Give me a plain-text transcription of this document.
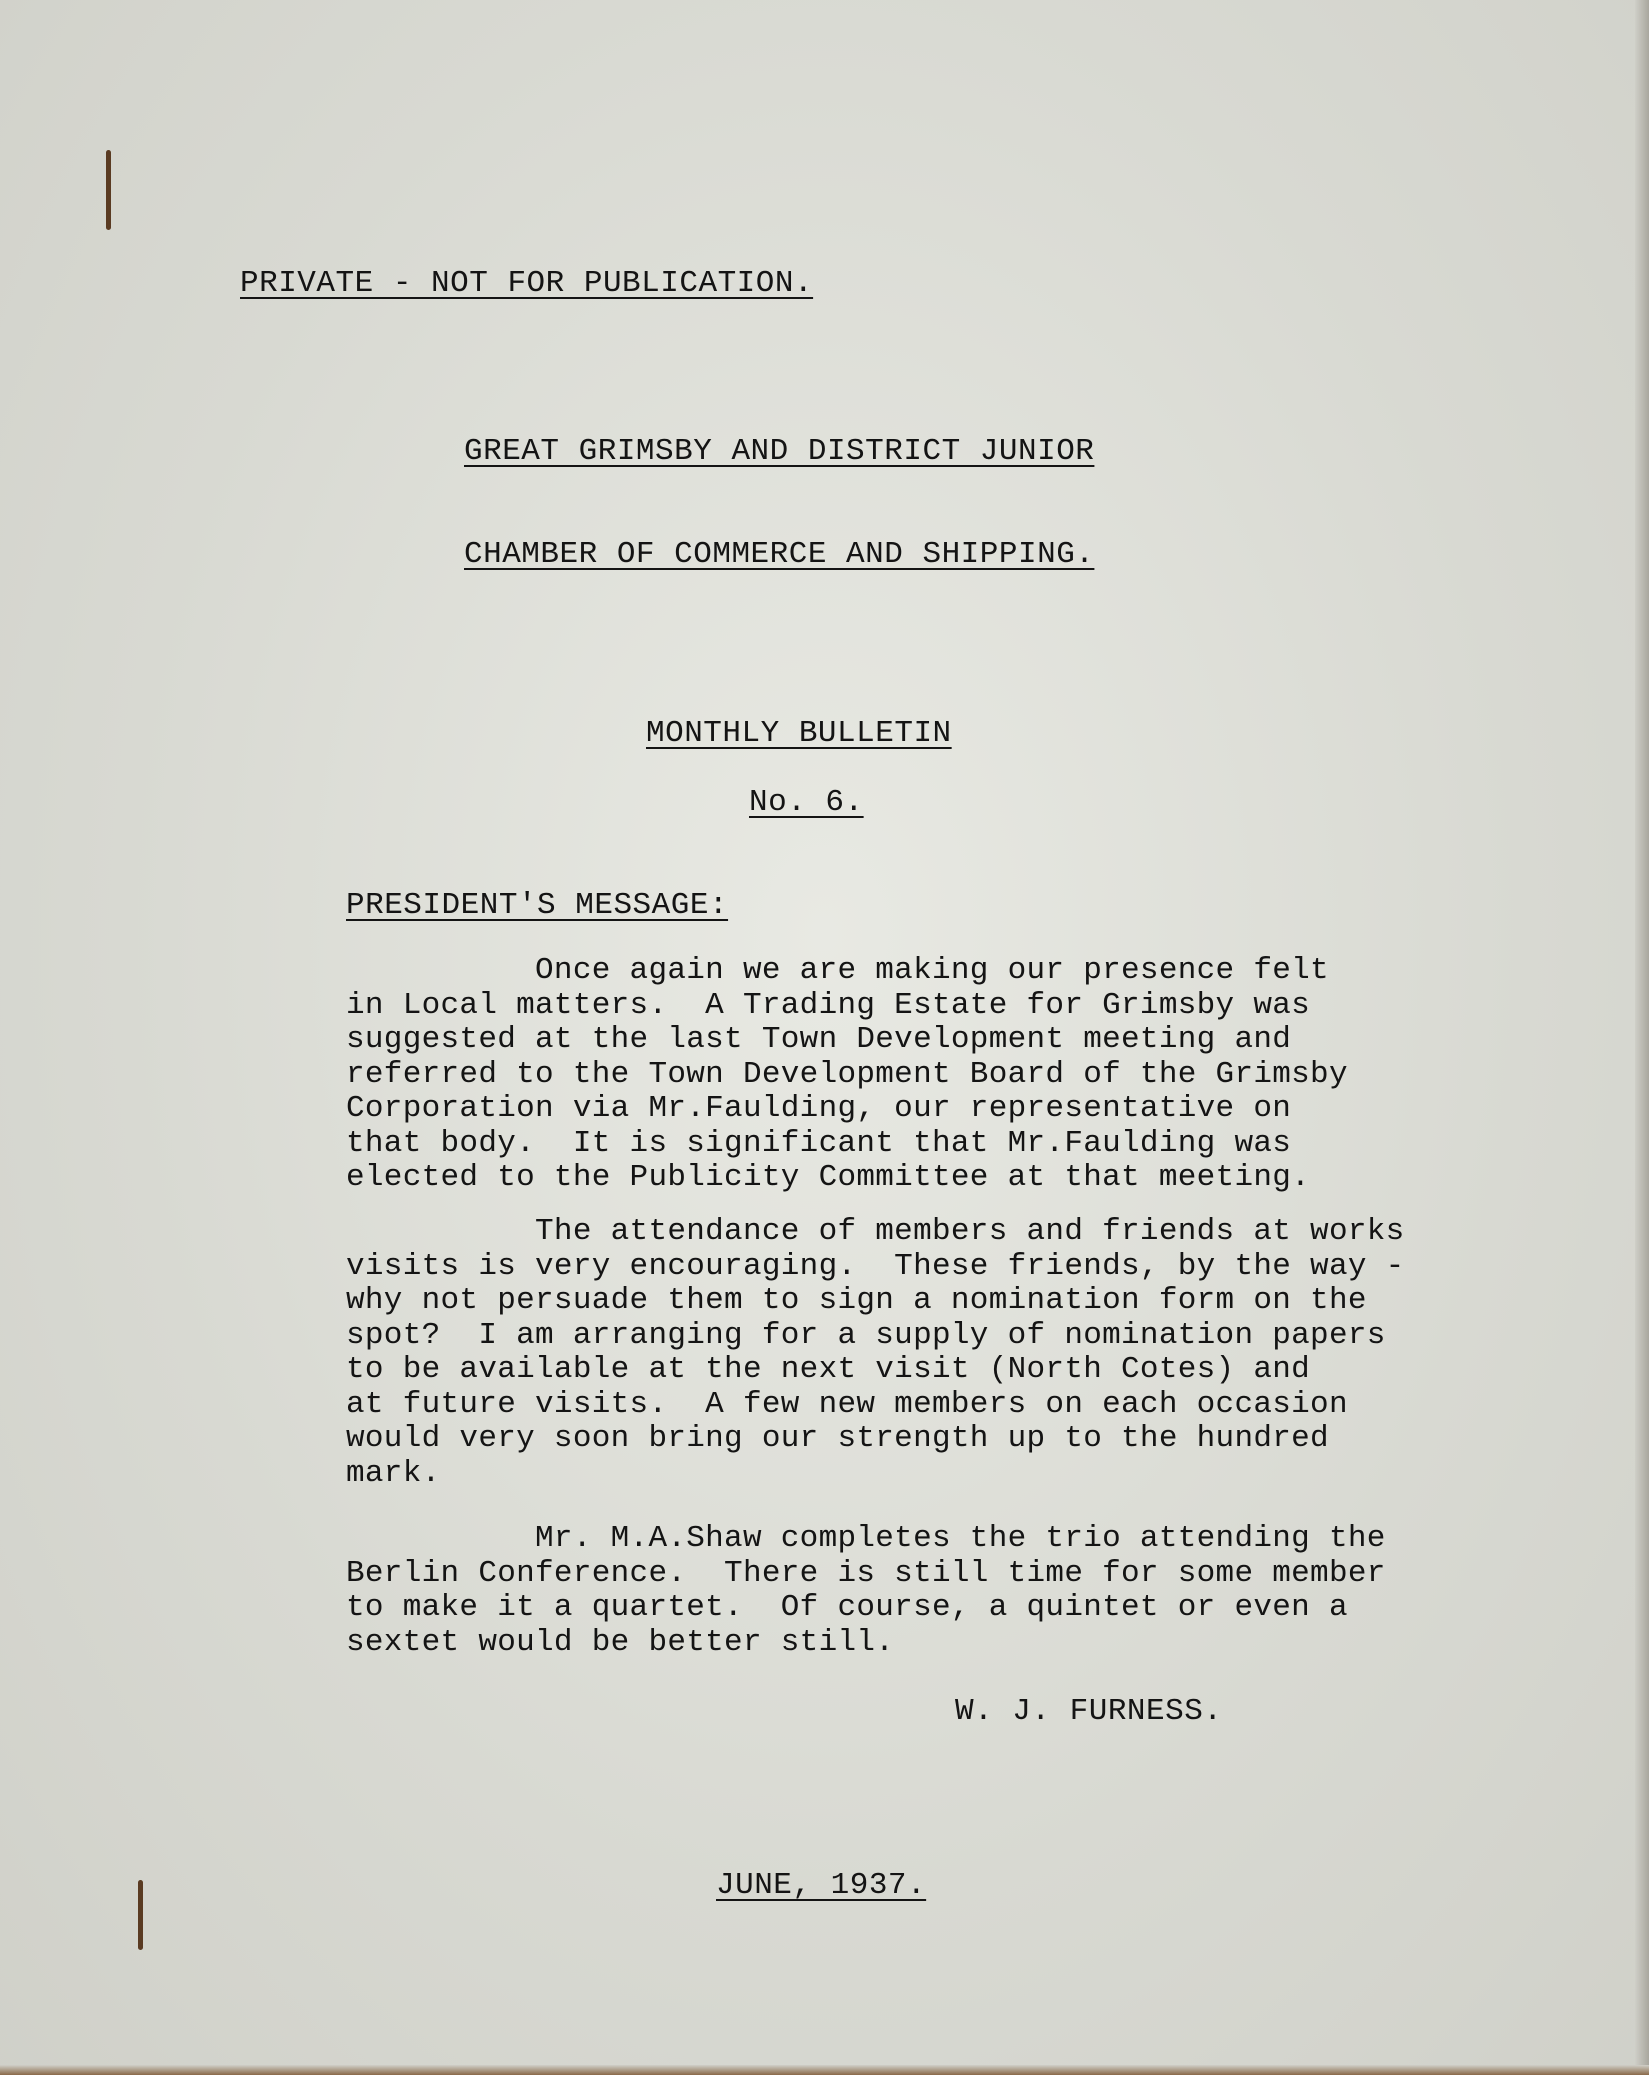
PRIVATE - NOT FOR PUBLICATION.
GREAT GRIMSBY AND DISTRICT JUNIOR
CHAMBER OF COMMERCE AND SHIPPING.
MONTHLY BULLETIN
No. 6.
PRESIDENT'S MESSAGE:
Once again we are making our presence felt
in Local matters.  A Trading Estate for Grimsby was
suggested at the last Town Development meeting and
referred to the Town Development Board of the Grimsby
Corporation via Mr.Faulding, our representative on
that body.  It is significant that Mr.Faulding was
elected to the Publicity Committee at that meeting.
The attendance of members and friends at works
visits is very encouraging.  These friends, by the way -
why not persuade them to sign a nomination form on the
spot?  I am arranging for a supply of nomination papers
to be available at the next visit (North Cotes) and
at future visits.  A few new members on each occasion
would very soon bring our strength up to the hundred
mark.
Mr. M.A.Shaw completes the trio attending the
Berlin Conference.  There is still time for some member
to make it a quartet.  Of course, a quintet or even a
sextet would be better still.
W. J. FURNESS.
JUNE, 1937.
